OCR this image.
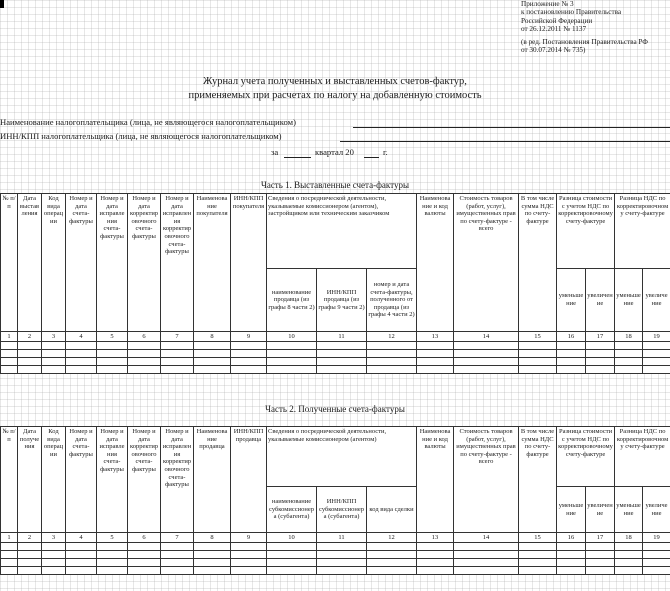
Приложение № 3
к постановлению Правительства
Российской Федерации
от 26.12.2011 № 1137
(в ред. Постановления Правительства РФ
от 30.07.2014 № 735)
Журнал учета полученных и выставленных счетов-фактур,
применяемых при расчетах по налогу на добавленную стоимость
Наименование налогоплательщика (лица, не являющегося налогоплательщиком)
ИНН/КПП налогоплательщика (лица, не являющегося налогоплательщиком)
за	квартал 20	г.
Часть 1. Выставленные счета-фактуры
№ п/п	Дата выставления	Код вида операции	Номер и дата счета-фактуры	Номер и дата исправления счета-фактуры	Номер и дата корректировочного счета-фактуры	Номер и дата исправления корректировочного счета-фактуры	Наименование покупателя	ИНН/КПП покупателя	Сведения о посреднической деятельности, указываемые комиссионером (агентом), застройщиком или техническим заказчиком			Наименование и код валюты	Стоимость товаров (работ, услуг), имущественных прав по счету-фактуре - всего	В том числе сумма НДС по счету-фактуре	Разница стоимости с учетом НДС по корректировочному счету-фактуре		Разница НДС по корректировочному счету-фактуре	
									наименование продавца (из графы 8 части 2)	ИНН/КПП продавца (из графы 9 части 2)	номер и дата счета-фактуры, полученного от продавца (из графы 4 части 2)				уменьшение	увеличение	уменьшение	увеличение
1	2	3	4	5	6	7	8	9	10	11	12	13	14	15	16	17	18	19

Часть 2. Полученные счета-фактуры
№ п/п	Дата получения	Код вида операции	Номер и дата счета-фактуры	Номер и дата исправления счета-фактуры	Номер и дата корректировочного счета-фактуры	Номер и дата исправления корректировочного счета-фактуры	Наименование продавца	ИНН/КПП продавца	Сведения о посреднической деятельности, указываемые комиссионером (агентом)			Наименование и код валюты	Стоимость товаров (работ, услуг), имущественных прав по счету-фактуре - всего	В том числе сумма НДС по счету-фактуре	Разница стоимости с учетом НДС по корректировочному счету-фактуре		Разница НДС по корректировочному счету-фактуре	
									наименование субкомиссионера (субагента)	ИНН/КПП субкомиссионера (субагента)	код вида сделки				уменьшение	увеличение	уменьшение	увеличение
1	2	3	4	5	6	7	8	9	10	11	12	13	14	15	16	17	18	19
